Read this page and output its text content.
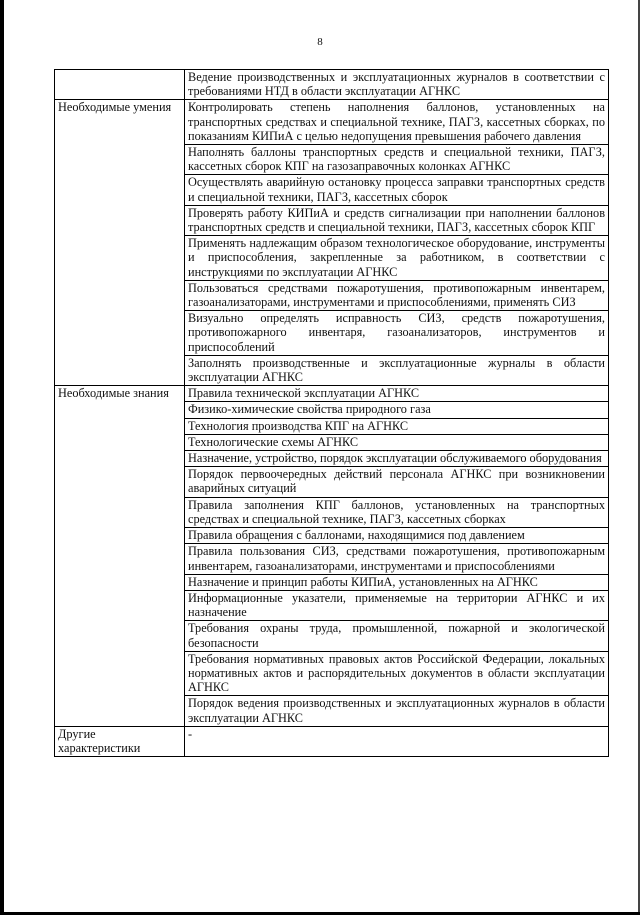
8
	Ведение производственных и эксплуатационных журналов в соответствии с требованиями НТД в области эксплуатации АГНКС
Необходимые умения	Контролировать степень наполнения баллонов, установленных на транспортных средствах и специальной технике, ПАГЗ, кассетных сборках, по показаниям КИПиА с целью недопущения превышения рабочего давления
	Наполнять баллоны транспортных средств и специальной техники, ПАГЗ, кассетных сборок КПГ на газозаправочных колонках АГНКС
	Осуществлять аварийную остановку процесса заправки транспортных средств и специальной техники, ПАГЗ, кассетных сборок
	Проверять работу КИПиА и средств сигнализации при наполнении баллонов транспортных средств и специальной техники, ПАГЗ, кассетных сборок КПГ
	Применять надлежащим образом технологическое оборудование, инструменты и приспособления, закрепленные за работником, в соответствии с инструкциями по эксплуатации АГНКС
	Пользоваться средствами пожаротушения, противопожарным инвентарем, газоанализаторами, инструментами и приспособлениями, применять СИЗ
	Визуально определять исправность СИЗ, средств пожаротушения, противопожарного инвентаря, газоанализаторов, инструментов и приспособлений
	Заполнять производственные и эксплуатационные журналы в области эксплуатации АГНКС
Необходимые знания	Правила технической эксплуатации АГНКС
	Физико-химические свойства природного газа
	Технология производства КПГ на АГНКС
	Технологические схемы АГНКС
	Назначение, устройство, порядок эксплуатации обслуживаемого оборудования
	Порядок первоочередных действий персонала АГНКС при возникновении аварийных ситуаций
	Правила заполнения КПГ баллонов, установленных на транспортных средствах и специальной технике, ПАГЗ, кассетных сборках
	Правила обращения с баллонами, находящимися под давлением
	Правила пользования СИЗ, средствами пожаротушения, противопожарным инвентарем, газоанализаторами, инструментами и приспособлениями
	Назначение и принцип работы КИПиА, установленных на АГНКС
	Информационные указатели, применяемые на территории АГНКС и их назначение
	Требования охраны труда, промышленной, пожарной и экологической безопасности
	Требования нормативных правовых актов Российской Федерации, локальных нормативных актов и распорядительных документов в области эксплуатации АГНКС
	Порядок ведения производственных и эксплуатационных журналов в области эксплуатации АГНКС
Другие характеристики	-
